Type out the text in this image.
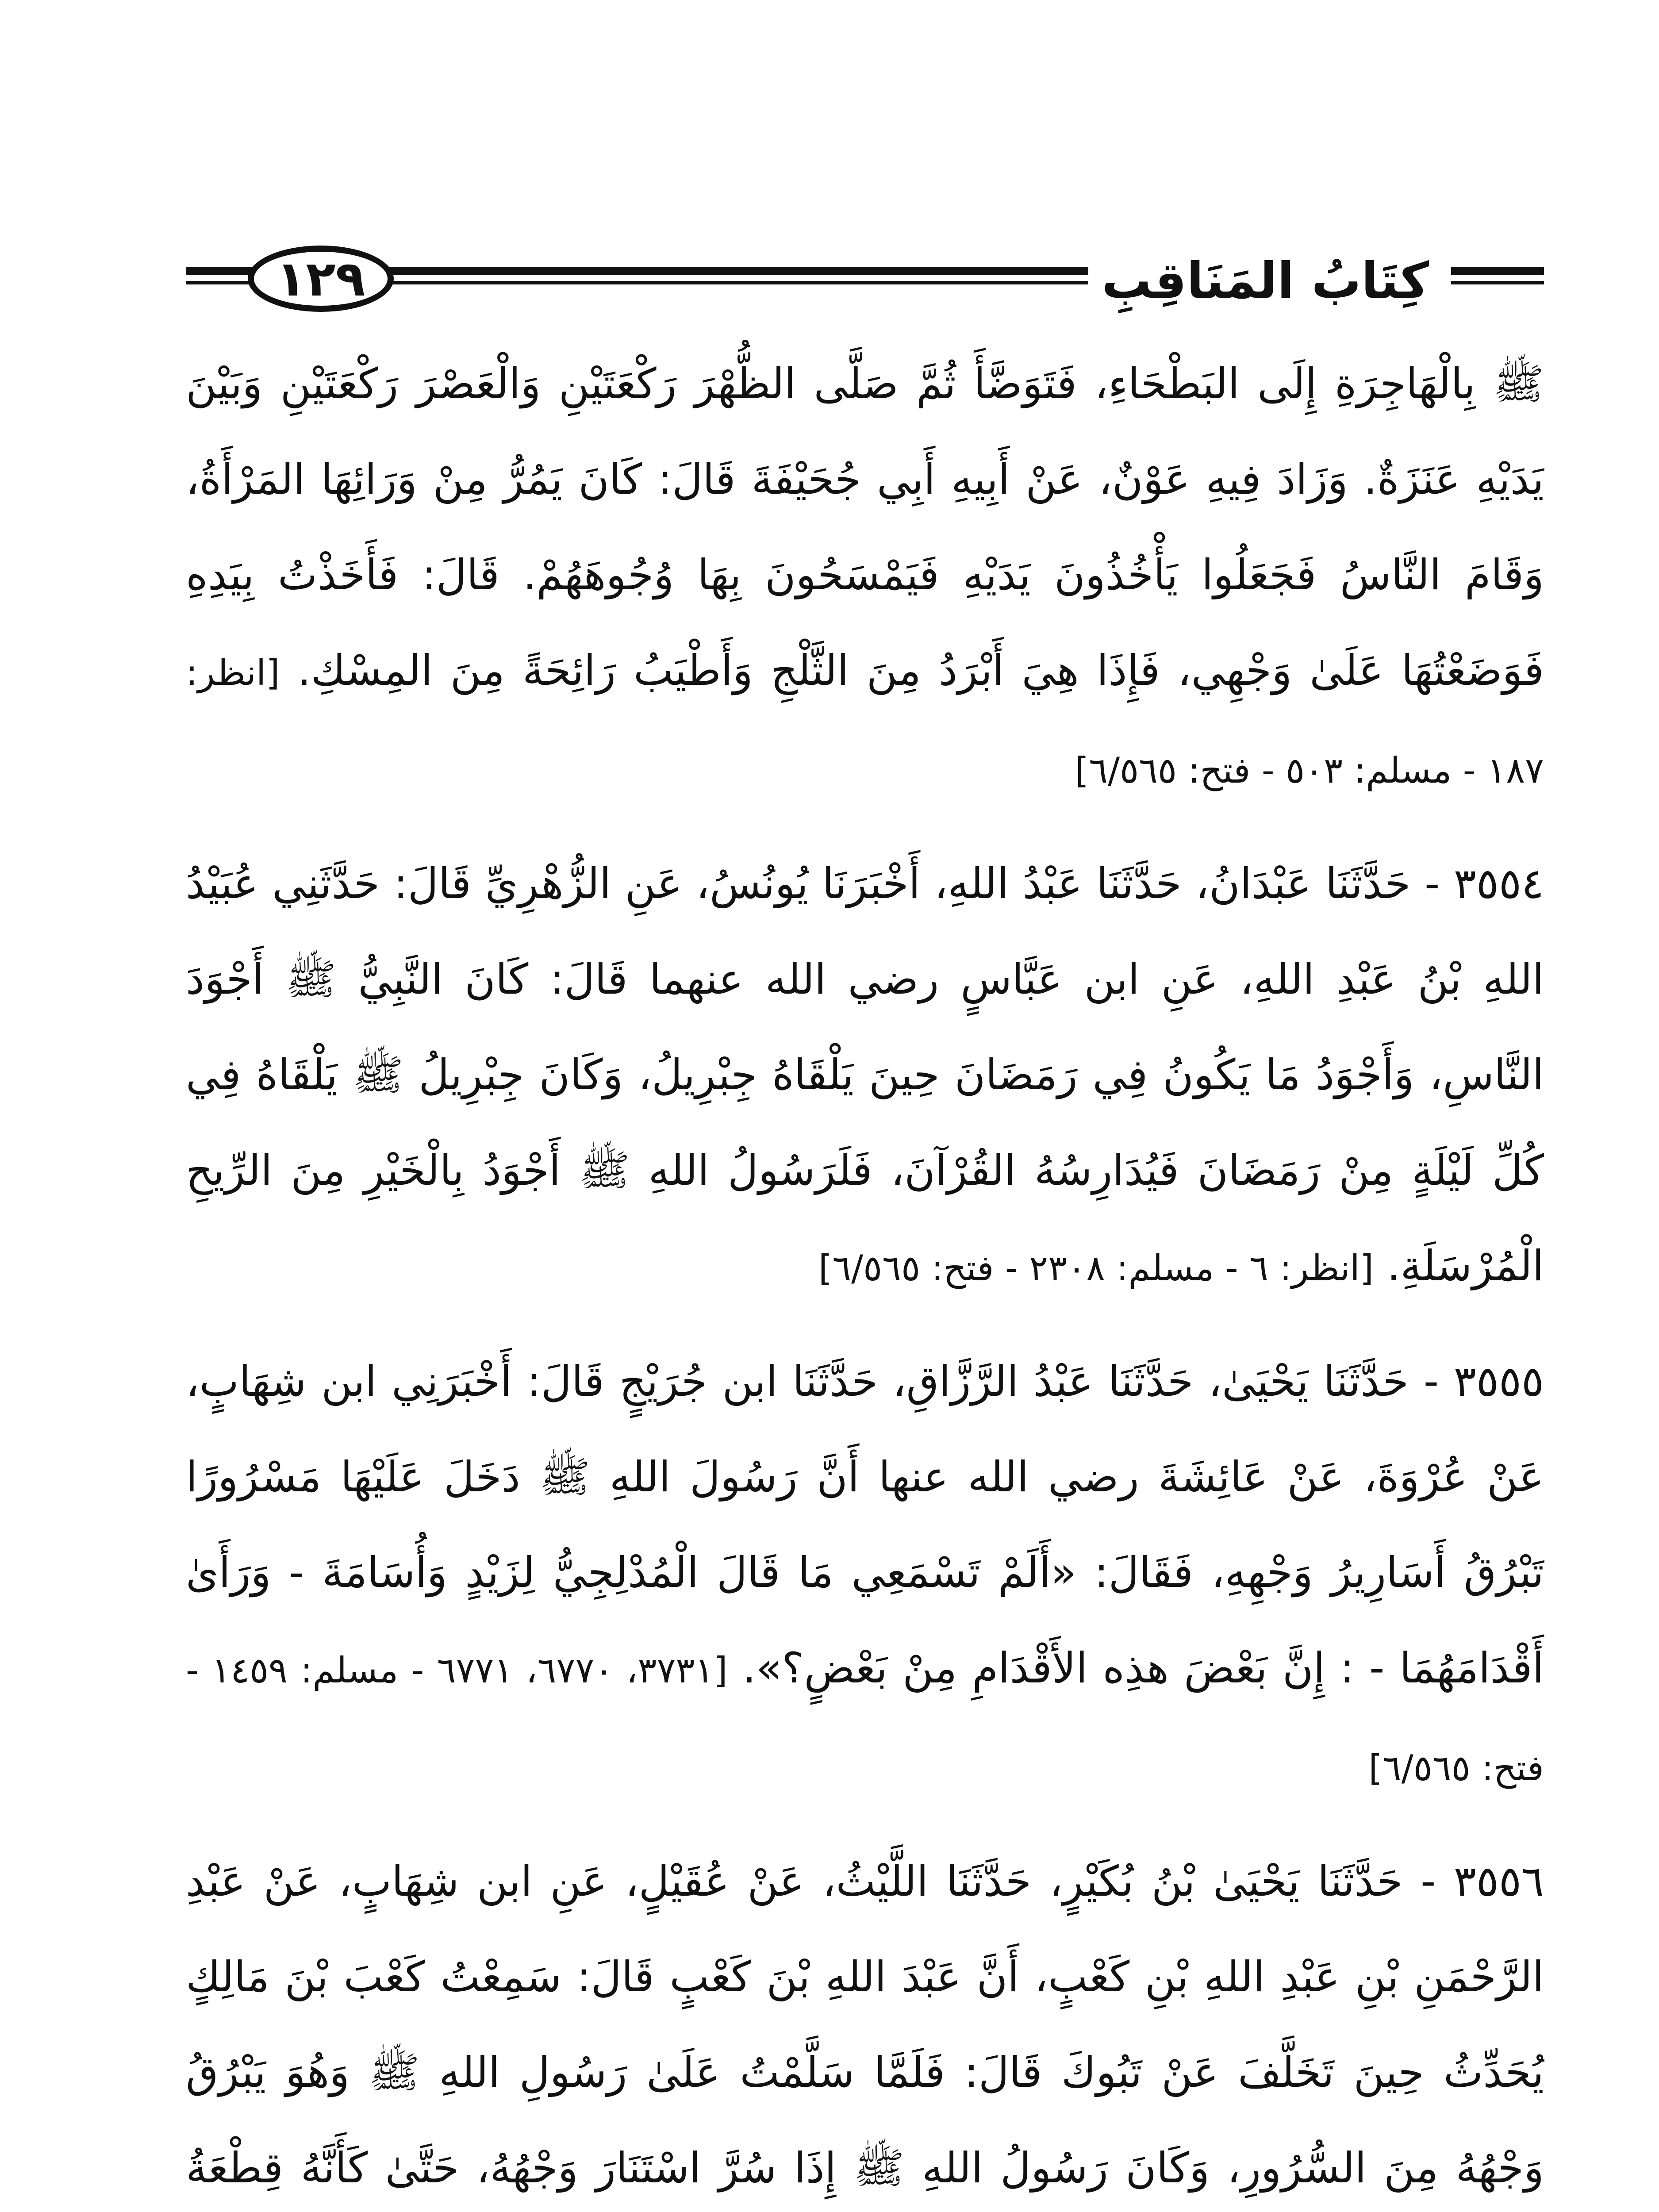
١٢٩	كِتَابُ المَنَاقِبِ

ﷺ بِالْهَاجِرَةِ إِلَى البَطْحَاءِ، فَتَوَضَّأَ ثُمَّ صَلَّى الظُّهْرَ رَكْعَتَيْنِ وَالْعَصْرَ رَكْعَتَيْنِ وَبَيْنَ يَدَيْهِ عَنَزَةٌ. وَزَادَ فِيهِ عَوْنٌ، عَنْ أَبِيهِ أَبِي جُحَيْفَةَ قَالَ: كَانَ يَمُرُّ مِنْ وَرَائِهَا المَرْأَةُ، وَقَامَ النَّاسُ فَجَعَلُوا يَأْخُذُونَ يَدَيْهِ فَيَمْسَحُونَ بِهَا وُجُوهَهُمْ. قَالَ: فَأَخَذْتُ بِيَدِهِ فَوَضَعْتُهَا عَلَىٰ وَجْهِي، فَإِذَا هِيَ أَبْرَدُ مِنَ الثَّلْجِ وَأَطْيَبُ رَائِحَةً مِنَ المِسْكِ. [انظر: ١٨٧ - مسلم: ٥٠٣ - فتح: ٦/٥٦٥]

٣٥٥٤ - حَدَّثَنَا عَبْدَانُ، حَدَّثَنَا عَبْدُ اللهِ، أَخْبَرَنَا يُونُسُ، عَنِ الزُّهْرِيِّ قَالَ: حَدَّثَنِي عُبَيْدُ اللهِ بْنُ عَبْدِ اللهِ، عَنِ ابن عَبَّاسٍ رضي الله عنهما قَالَ: كَانَ النَّبِيُّ ﷺ أَجْوَدَ النَّاسِ، وَأَجْوَدُ مَا يَكُونُ فِي رَمَضَانَ حِينَ يَلْقَاهُ جِبْرِيلُ، وَكَانَ جِبْرِيلُ ﷺ يَلْقَاهُ فِي كُلِّ لَيْلَةٍ مِنْ رَمَضَانَ فَيُدَارِسُهُ القُرْآنَ، فَلَرَسُولُ اللهِ ﷺ أَجْوَدُ بِالْخَيْرِ مِنَ الرِّيحِ الْمُرْسَلَةِ. [انظر: ٦ - مسلم: ٢٣٠٨ - فتح: ٦/٥٦٥]

٣٥٥٥ - حَدَّثَنَا يَحْيَىٰ، حَدَّثَنَا عَبْدُ الرَّزَّاقِ، حَدَّثَنَا ابن جُرَيْجٍ قَالَ: أَخْبَرَنِي ابن شِهَابٍ، عَنْ عُرْوَةَ، عَنْ عَائِشَةَ رضي الله عنها أَنَّ رَسُولَ اللهِ ﷺ دَخَلَ عَلَيْهَا مَسْرُورًا تَبْرُقُ أَسَارِيرُ وَجْهِهِ، فَقَالَ: «أَلَمْ تَسْمَعِي مَا قَالَ الْمُدْلِجِيُّ لِزَيْدٍ وَأُسَامَةَ - وَرَأَىٰ أَقْدَامَهُمَا - : إِنَّ بَعْضَ هذِه الأَقْدَامِ مِنْ بَعْضٍ؟». [٣٧٣١، ٦٧٧٠، ٦٧٧١ - مسلم: ١٤٥٩ - فتح: ٦/٥٦٥]

٣٥٥٦ - حَدَّثَنَا يَحْيَىٰ بْنُ بُكَيْرٍ، حَدَّثَنَا اللَّيْثُ، عَنْ عُقَيْلٍ، عَنِ ابن شِهَابٍ، عَنْ عَبْدِ الرَّحْمَنِ بْنِ عَبْدِ اللهِ بْنِ كَعْبٍ، أَنَّ عَبْدَ اللهِ بْنَ كَعْبٍ قَالَ: سَمِعْتُ كَعْبَ بْنَ مَالِكٍ يُحَدِّثُ حِينَ تَخَلَّفَ عَنْ تَبُوكَ قَالَ: فَلَمَّا سَلَّمْتُ عَلَىٰ رَسُولِ اللهِ ﷺ وَهُوَ يَبْرُقُ وَجْهُهُ مِنَ السُّرُورِ، وَكَانَ رَسُولُ اللهِ ﷺ إِذَا سُرَّ اسْتَنَارَ وَجْهُهُ، حَتَّىٰ كَأَنَّهُ قِطْعَةُ
